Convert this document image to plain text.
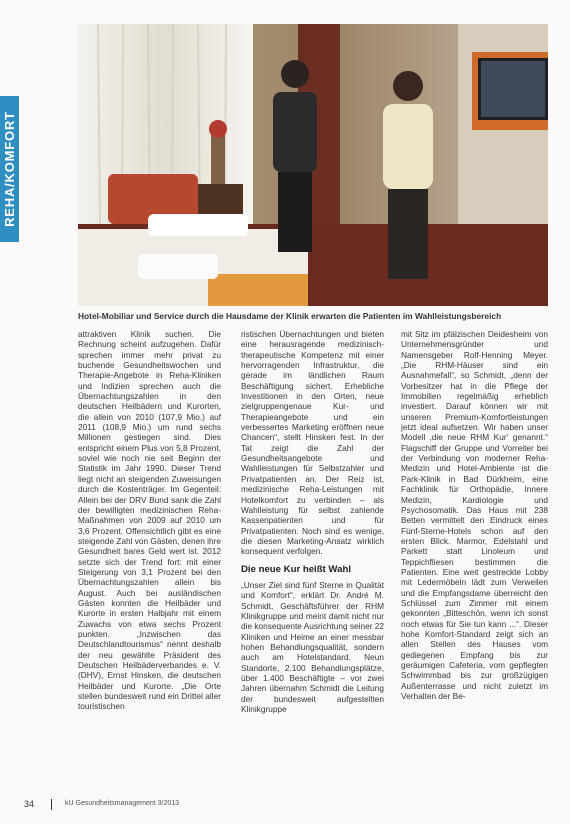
REHA/KOMFORT
Hotel-Mobiliar und Service durch die Hausdame der Klinik erwarten die Patienten im Wahlleistungsbereich

attraktiven Klinik suchen. Die Rechnung scheint aufzugehen. Dafür sprechen immer mehr privat zu buchende Gesundheitswochen und Therapie-Angebote in Reha-Kliniken und Indizien sprechen auch die Übernachtungszahlen in den deutschen Heilbädern und Kurorten, die allein von 2010 (107,9 Mio.) auf 2011 (108,9 Mio.) um rund sechs Millionen gestiegen sind. Dies entspricht einem Plus von 5,8 Prozent, soviel wie noch nie seit Beginn der Statistik im Jahr 1990. Dieser Trend liegt nicht an steigenden Zuweisungen durch die Kostenträger. Im Gegenteil: Allein bei der DRV Bund sank die Zahl der bewilligten medizinischen Reha-Maßnahmen von 2009 auf 2010 um 3,6 Prozent. Offensichtlich gibt es eine steigende Zahl von Gästen, denen ihre Gesundheit bares Geld wert ist. 2012 setzte sich der Trend fort: mit einer Steigerung von 3,1 Prozent bei den Übernachtungszahlen allein bis August. Auch bei ausländischen Gästen konnten die Heilbäder und Kurorte in ersten Halbjahr mit einem Zuwachs von etwa sechs Prozent punkten. „Inzwischen das Deutschlandtourismus“ nennt deshalb der neu gewählte Präsident des Deutschen Heilbäderverbandes e. V. (DHV), Ernst Hinsken, die deutschen Heilbäder und Kurorte. „Die Orte stellen bundesweit rund ein Drittel aller touristischen

ristischen Übernachtungen und bieten eine herausragende medizinisch-therapeutische Kompetenz mit einer hervorragenden Infrastruktur, die gerade im ländlichen Raum Beschäftigung sichert. Erhebliche Investitionen in den Orten, neue zielgruppengenaue Kur- und Therapieangebote und ein verbessertes Marketing eröffnen neue Chancen“, stellt Hinsken fest. In der Tat zeigt die Zahl der Gesundheitsangebote und Wahlleistungen für Selbstzahler und Privatpatienten an. Der Reiz ist, medizinische Reha-Leistungen mit Hotelkomfort zu verbinden – als Wahlleistung für selbst zahlende Kassenpatienten und für Privatpatienten. Noch sind es wenige, die diesen Marketing-Ansatz wirklich konsequent verfolgen.

Die neue Kur heißt Wahl

„Unser Ziel sind fünf Sterne in Qualität und Komfort“, erklärt Dr. André M. Schmidt, Geschäftsführer der RHM Klinikgruppe und meint damit nicht nur die konsequente Ausrichtung seiner 22 Kliniken und Heime an einer messbar hohen Behandlungsqualität, sondern auch am Hotelstandard. Neun Standorte, 2.100 Behandlungsplätze, über 1.400 Beschäftigte – vor zwei Jahren übernahm Schmidt die Leitung der bundesweit aufgestellten Klinikgruppe

mit Sitz im pfälzischen Deidesheim von Unternehmensgründer und Namensgeber Rolf-Henning Meyer. „Die RHM-Häuser sind ein Ausnahmefall“, so Schmidt, „denn der Vorbesitzer hat in die Pflege der Immobilien regelmäßig erheblich investiert. Darauf können wir mit unseren Premium-Komfortleistungen jetzt ideal aufsetzen. Wir haben unser Modell ‚die neue RHM Kur‘ genannt.“ Flagschiff der Gruppe und Vorreiter bei der Verbindung von moderner Reha-Medizin und Hotel-Ambiente ist die Park-Klinik in Bad Dürkheim, eine Fachklinik für Orthopädie, Innere Medizin, Kardiologie und Psychosomatik. Das Haus mit 238 Betten vermittelt den Eindruck eines Fünf-Sterne-Hotels schon auf den ersten Blick. Marmor, Edelstahl und Parkett statt Linoleum und Teppichfliesen bestimmen die Patienten. Eine weit gestreckte Lobby mit Ledermöbeln lädt zum Verweilen und die Empfangsdame überreicht den Schlüssel zum Zimmer mit einem gekonnten „Bitteschön, wenn ich sonst noch etwas für Sie tun kann ...“. Dieser hohe Komfort-Standard zeigt sich an allen Stellen des Hauses vom gediegenen Empfang bis zur geräumigen Cafeteria, vom gepflegten Schwimmbad bis zur großzügigen Außenterrasse und nicht zuletzt im Verhalten der Be-

34	kU Gesundheitsmanagement 3/2013
